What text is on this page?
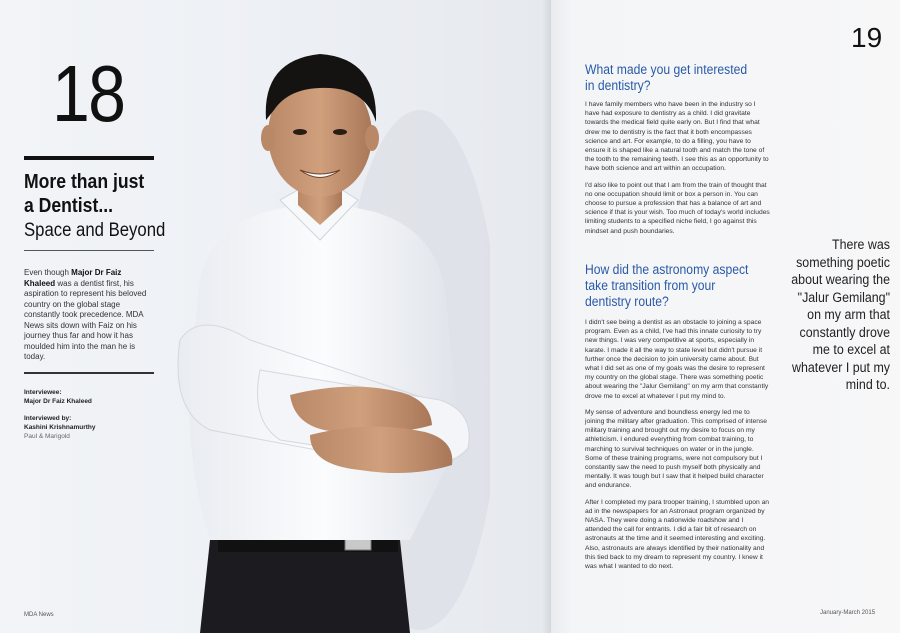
18
More than just a Dentist...
Space and Beyond
Even though Major Dr Faiz Khaleed was a dentist first, his aspiration to represent his beloved country on the global stage constantly took precedence. MDA News sits down with Faiz on his journey thus far and how it has moulded him into the man he is today.
Interviewee:
Major Dr Faiz Khaleed
Interviewed by:
Kashini Krishnamurthy
Paul & Marigold
MDA News
19
What made you get interested in dentistry?

I have family members who have been in the industry so I have had exposure to dentistry as a child. I did gravitate towards the medical field quite early on. But I find that what drew me to dentistry is the fact that it both encompasses science and art. For example, to do a filling, you have to ensure it is shaped like a natural tooth and match the tone of the tooth to the remaining teeth. I see this as an opportunity to have both science and art within an occupation.

I'd also like to point out that I am from the train of thought that no one occupation should limit or box a person in. You can choose to pursue a profession that has a balance of art and science if that is your wish. Too much of today's world includes limiting students to a specified niche field, I go against this mindset and push boundaries.

How did the astronomy aspect take transition from your dentistry route?

I didn't see being a dentist as an obstacle to joining a space program. Even as a child, I've had this innate curiosity to try new things. I was very competitive at sports, especially in karate. I made it all the way to state level but didn't pursue it further once the decision to join university came about. But what I did set as one of my goals was the desire to represent my country on the global stage. There was something poetic about wearing the "Jalur Gemilang" on my arm that constantly drove me to excel at whatever I put my mind to.

My sense of adventure and boundless energy led me to joining the military after graduation. This comprised of intense military training and brought out my desire to focus on my athleticism. I endured everything from combat training, to marching to survival techniques on water or in the jungle. Some of these training programs, were not compulsory but I constantly saw the need to push myself both physically and mentally. It was tough but I saw that it helped build character and endurance.

After I completed my para trooper training, I stumbled upon an ad in the newspapers for an Astronaut program organized by NASA. They were doing a nationwide roadshow and I attended the call for entrants. I did a fair bit of research on astronauts at the time and it seemed interesting and exciting. Also, astronauts are always identified by their nationality and this tied back to my dream to represent my country. I knew it was what I wanted to do next.

There was something poetic about wearing the "Jalur Gemilang" on my arm that constantly drove me to excel at whatever I put my mind to.
January-March 2015
